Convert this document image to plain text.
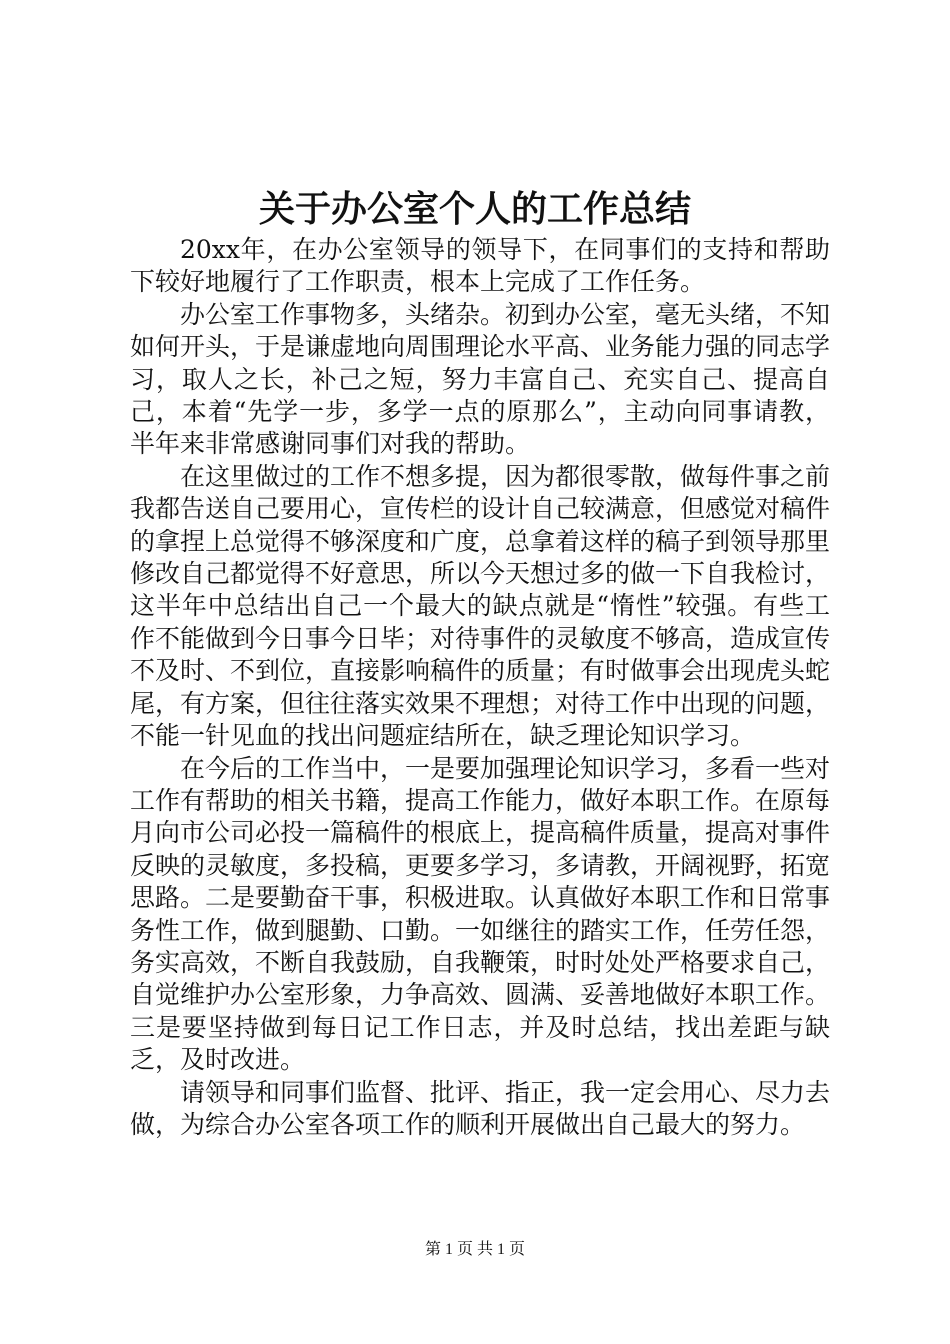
关于办公室个人的工作总结

20xx年，在办公室领导的领导下，在同事们的支持和帮助下较好地履行了工作职责，根本上完成了工作任务。

办公室工作事物多，头绪杂。初到办公室，毫无头绪，不知如何开头，于是谦虚地向周围理论水平高、业务能力强的同志学习，取人之长，补己之短，努力丰富自己、充实自己、提高自己，本着“先学一步，多学一点的原那么”，主动向同事请教，半年来非常感谢同事们对我的帮助。

在这里做过的工作不想多提，因为都很零散，做每件事之前我都告送自己要用心，宣传栏的设计自己较满意，但感觉对稿件的拿捏上总觉得不够深度和广度，总拿着这样的稿子到领导那里修改自己都觉得不好意思，所以今天想过多的做一下自我检讨，这半年中总结出自己一个最大的缺点就是“惰性”较强。有些工作不能做到今日事今日毕；对待事件的灵敏度不够高，造成宣传不及时、不到位，直接影响稿件的质量；有时做事会出现虎头蛇尾，有方案，但往往落实效果不理想；对待工作中出现的问题，不能一针见血的找出问题症结所在，缺乏理论知识学习。

在今后的工作当中，一是要加强理论知识学习，多看一些对工作有帮助的相关书籍，提高工作能力，做好本职工作。在原每月向市公司必投一篇稿件的根底上，提高稿件质量，提高对事件反映的灵敏度，多投稿，更要多学习，多请教，开阔视野，拓宽思路。二是要勤奋干事，积极进取。认真做好本职工作和日常事务性工作，做到腿勤、口勤。一如继往的踏实工作，任劳任怨，务实高效，不断自我鼓励，自我鞭策，时时处处严格要求自己，自觉维护办公室形象，力争高效、圆满、妥善地做好本职工作。三是要坚持做到每日记工作日志，并及时总结，找出差距与缺乏，及时改进。

请领导和同事们监督、批评、指正，我一定会用心、尽力去做，为综合办公室各项工作的顺利开展做出自己最大的努力。

第 1 页 共 1 页
